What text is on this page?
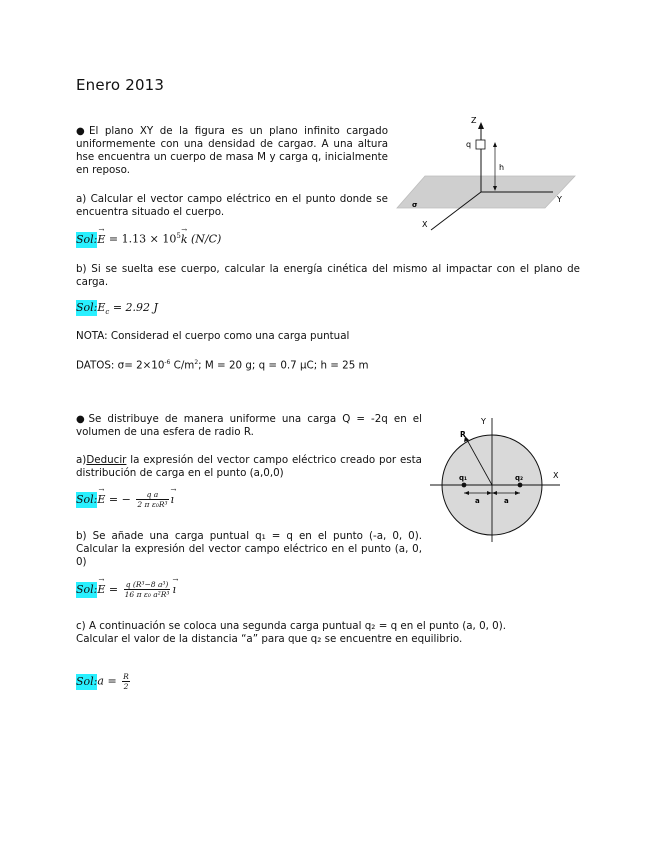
Enero 2013
●El plano XY de la figura es un plano infinito cargado uniformemente con una densidad de cargaσ. A una altura hse encuentra un cuerpo de masa M y carga q, inicialmente en reposo.
a) Calcular el vector campo eléctrico en el punto donde se encuentra situado el cuerpo.
Sol:→ $E = 1.13 \times 10^5\to k$ (N/C)
b) Si se suelta ese cuerpo, calcular la energía cinética del mismo al impactar con el plano de carga.
$Sol:E_c = 2.92$ J
NOTA: Considerad el cuerpo como una carga puntual
DATOS: $\sigma= 2\times 10^{-6}$ $C/m^2$; M = 20 g; q = 0.7 µC; h = 25 m
Z
Y
X
q
h
σ
●Se distribuye de manera uniforme una carga Q = -2q en el volumen de una esfera de radio R.
a)Deducir la expresión del vector campo eléctrico creado por esta distribución de carga en el punto (a,0,0)
Sol:→ E = − $\frac{\text{q a}}{\text{2 π ε₀R³}}$ → ı
b) Se añade una carga puntual q₁ = q en el punto (-a, 0, 0). Calcular la expresión del vector campo eléctrico en el punto (a, 0, 0)
Sol:→ $E = \frac{\text{q (R³−8 a³)}}{\text{16 π ε₀ a²R³}}$ → ı
c) A continuación se coloca una segunda carga puntual q₂ = q en el punto (a, 0, 0). Calcular el valor de la distancia “a” para que q₂ se encuentre en equilibrio.
Sol:a = $\frac{R}{2}$
Y
X
R
q₁	q₂
a	a
